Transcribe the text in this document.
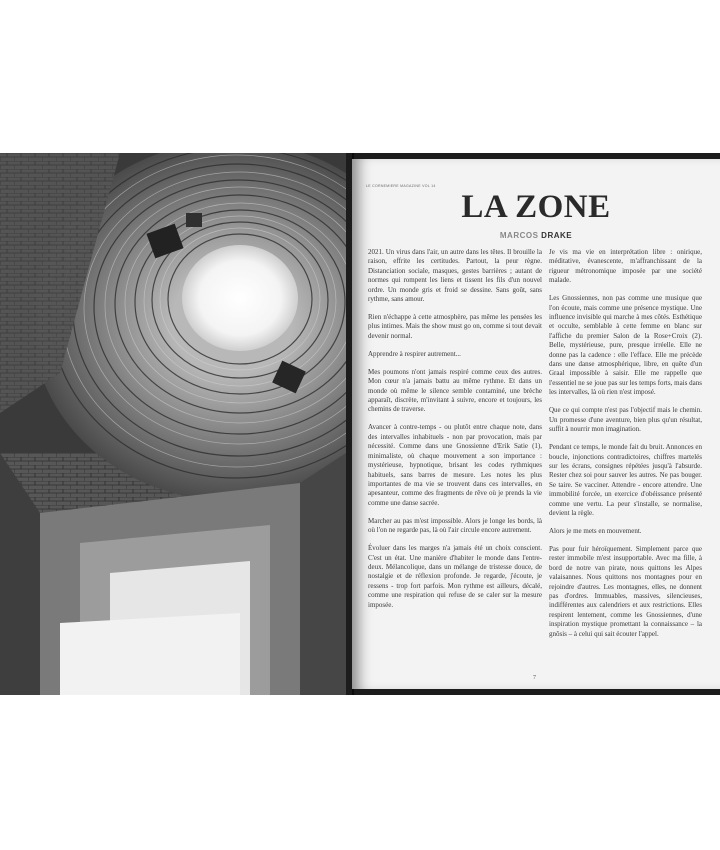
LE CORNEMIERE MAGAZINE VOL 14
LA ZONE
MARCOS DRAKE

2021. Un virus dans l'air, un autre dans les têtes. Il brouille la raison, effrite les certitudes. Partout, la peur règne. Distanciation sociale, masques, gestes barrières ; autant de normes qui rompent les liens et tissent les fils d'un nouvel ordre. Un monde gris et froid se dessine. Sans goût, sans rythme, sans amour.

Rien n'échappe à cette atmosphère, pas même les pensées les plus intimes. Mais the show must go on, comme si tout devait devenir normal.

Apprendre à respirer autrement...

Mes poumons n'ont jamais respiré comme ceux des autres. Mon cœur n'a jamais battu au même rythme. Et dans un monde où même le silence semble contaminé, une brèche apparaît, discrète, m'invitant à suivre, encore et toujours, les chemins de traverse.

Avancer à contre-temps - ou plutôt entre chaque note, dans des intervalles inhabituels - non par provocation, mais par nécessité. Comme dans une Gnossienne d'Erik Satie (1), minimaliste, où chaque mouvement a son importance : mystérieuse, hypnotique, brisant les codes rythmiques habituels, sans barres de mesure. Les notes les plus importantes de ma vie se trouvent dans ces intervalles, en apesanteur, comme des fragments de rêve où je prends la vie comme une danse sacrée.

Marcher au pas m'est impossible. Alors je longe les bords, là où l'on ne regarde pas, là où l'air circule encore autrement.

Évoluer dans les marges n'a jamais été un choix conscient. C'est un état. Une manière d'habiter le monde dans l'entre-deux. Mélancolique, dans un mélange de tristesse douce, de nostalgie et de réflexion profonde. Je regarde, j'écoute, je ressens - trop fort parfois. Mon rythme est ailleurs, décalé, comme une respiration qui refuse de se caler sur la mesure imposée.

Je vis ma vie en interprétation libre : onirique, méditative, évanescente, m'affranchissant de la rigueur métronomique imposée par une société malade.

Les Gnossiennes, non pas comme une musique que l'on écoute, mais comme une présence mystique. Une influence invisible qui marche à mes côtés. Esthétique et occulte, semblable à cette femme en blanc sur l'affiche du premier Salon de la Rose+Croix (2). Belle, mystérieuse, pure, presque irréelle. Elle ne donne pas la cadence : elle l'efface. Elle me précède dans une danse atmosphérique, libre, en quête d'un Graal impossible à saisir. Elle me rappelle que l'essentiel ne se joue pas sur les temps forts, mais dans les intervalles, là où rien n'est imposé.

Que ce qui compte n'est pas l'objectif mais le chemin. Un promesse d'une aventure, bien plus qu'un résultat, suffit à nourrir mon imagination.

Pendant ce temps, le monde fait du bruit. Annonces en boucle, injonctions contradictoires, chiffres martelés sur les écrans, consignes répétées jusqu'à l'absurde. Rester chez soi pour sauver les autres. Ne pas bouger. Se taire. Se vacciner. Attendre - encore attendre. Une immobilité forcée, un exercice d'obéissance présenté comme une vertu. La peur s'installe, se normalise, devient la règle.

Alors je me mets en mouvement.

Pas pour fuir héroïquement. Simplement parce que rester immobile m'est insupportable. Avec ma fille, à bord de notre van pirate, nous quittons les Alpes valaisannes. Nous quittons nos montagnes pour en rejoindre d'autres. Les montagnes, elles, ne donnent pas d'ordres. Immuables, massives, silencieuses, indifférentes aux calendriers et aux restrictions. Elles respirent lentement, comme les Gnossiennes, d'une inspiration mystique promettant la connaissance – la gnôsis – à celui qui sait écouter l'appel.

7
